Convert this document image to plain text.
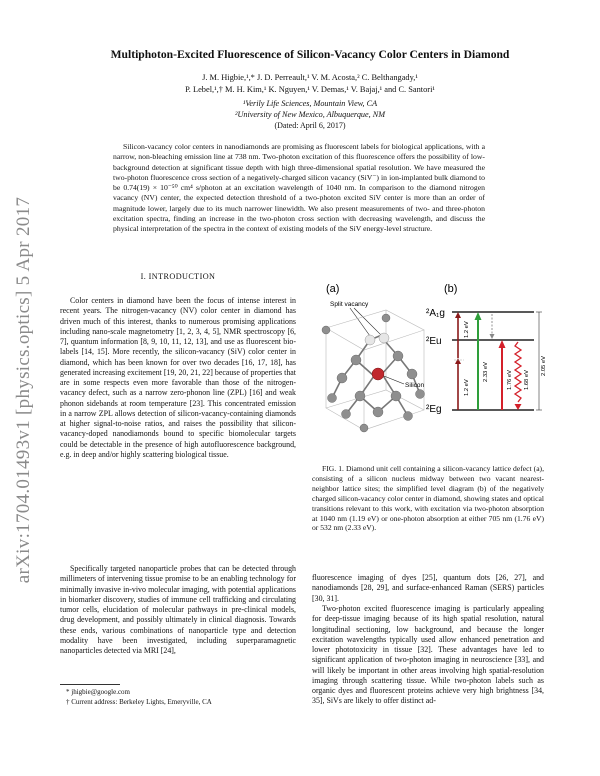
arXiv:1704.01493v1 [physics.optics] 5 Apr 2017
Multiphoton-Excited Fluorescence of Silicon-Vacancy Color Centers in Diamond
J. M. Higbie,¹,* J. D. Perreault,¹ V. M. Acosta,² C. Belthangady,¹
P. Lebel,¹,† M. H. Kim,¹ K. Nguyen,¹ V. Demas,¹ V. Bajaj,¹ and C. Santori¹
¹Verily Life Sciences, Mountain View, CA
²University of New Mexico, Albuquerque, NM
(Dated: April 6, 2017)

Silicon-vacancy color centers in nanodiamonds are promising as fluorescent labels for biological applications, with a narrow, non-bleaching emission line at 738 nm. Two-photon excitation of this fluorescence offers the possibility of low-background detection at significant tissue depth with high three-dimensional spatial resolution. We have measured the two-photon fluorescence cross section of a negatively-charged silicon vacancy (SiV⁻) in ion-implanted bulk diamond to be 0.74(19) × 10⁻⁵⁰ cm⁴ s/photon at an excitation wavelength of 1040 nm. In comparison to the diamond nitrogen vacancy (NV) center, the expected detection threshold of a two-photon excited SiV center is more than an order of magnitude lower, largely due to its much narrower linewidth. We also present measurements of two- and three-photon excitation spectra, finding an increase in the two-photon cross section with decreasing wavelength, and discuss the physical interpretation of the spectra in the context of existing models of the SiV energy-level structure.

I. INTRODUCTION

Color centers in diamond have been the focus of intense interest in recent years. The nitrogen-vacancy (NV) color center in diamond has driven much of this interest, thanks to numerous promising applications including nano-scale magnetometry [1, 2, 3, 4, 5], NMR spectroscopy [6, 7], quantum information [8, 9, 10, 11, 12, 13], and use as fluorescent bio-labels [14, 15]. More recently, the silicon-vacancy (SiV) color center in diamond, which has been known for over two decades [16, 17, 18], has generated increasing excitement [19, 20, 21, 22] because of properties that are in some respects even more favorable than those of the nitrogen-vacancy defect, such as a narrow zero-phonon line (ZPL) [16] and weak phonon sidebands at room temperature [23]. This concentrated emission in a narrow ZPL allows detection of silicon-vacancy-containing diamonds at higher signal-to-noise ratios, and raises the possibility that silicon-vacancy-doped nanodiamonds bound to specific biomolecular targets could be detectable in the presence of high autofluorescence background, e.g. in deep and/or highly scattering biological tissue.

Specifically targeted nanoparticle probes that can be detected through millimeters of intervening tissue promise to be an enabling technology for minimally invasive in-vivo molecular imaging, with potential applications in biomarker discovery, studies of immune cell trafficking and circulating tumor cells, elucidation of molecular pathways in pre-clinical models, drug development, and possibly ultimately in clinical diagnosis. Towards these ends, various combinations of nanoparticle type and detection modality have been investigated, including superparamagnetic nanoparticles detected via MRI [24],

* jhigbie@google.com
† Current address: Berkeley Lights, Emeryville, CA
(a)
Split vacancy
Silicon
(b)
²A₁g
²Eu
²Eg
1.2 eV
1.2 eV
2.33 eV	1.76 eV 1.68 eV
2.05 eV

FIG. 1. Diamond unit cell containing a silicon-vacancy lattice defect (a), consisting of a silicon nucleus midway between two vacant nearest-neighbor lattice sites; the simplified level diagram (b) of the negatively charged silicon-vacancy color center in diamond, showing states and optical transitions relevant to this work, with excitation via two-photon absorption at 1040 nm (1.19 eV) or one-photon absorption at either 705 nm (1.76 eV) or 532 nm (2.33 eV).

fluorescence imaging of dyes [25], quantum dots [26, 27], and nanodiamonds [28, 29], and surface-enhanced Raman (SERS) particles [30, 31].

Two-photon excited fluorescence imaging is particularly appealing for deep-tissue imaging because of its high spatial resolution, natural longitudinal sectioning, low background, and because the longer excitation wavelengths typically used allow enhanced penetration and lower phototoxicity in tissue [32]. These advantages have led to significant application of two-photon imaging in neuroscience [33], and will likely be important in other areas involving high spatial-resolution imaging through scattering tissue. While two-photon labels such as organic dyes and fluorescent proteins achieve very high brightness [34, 35], SiVs are likely to offer distinct ad-
